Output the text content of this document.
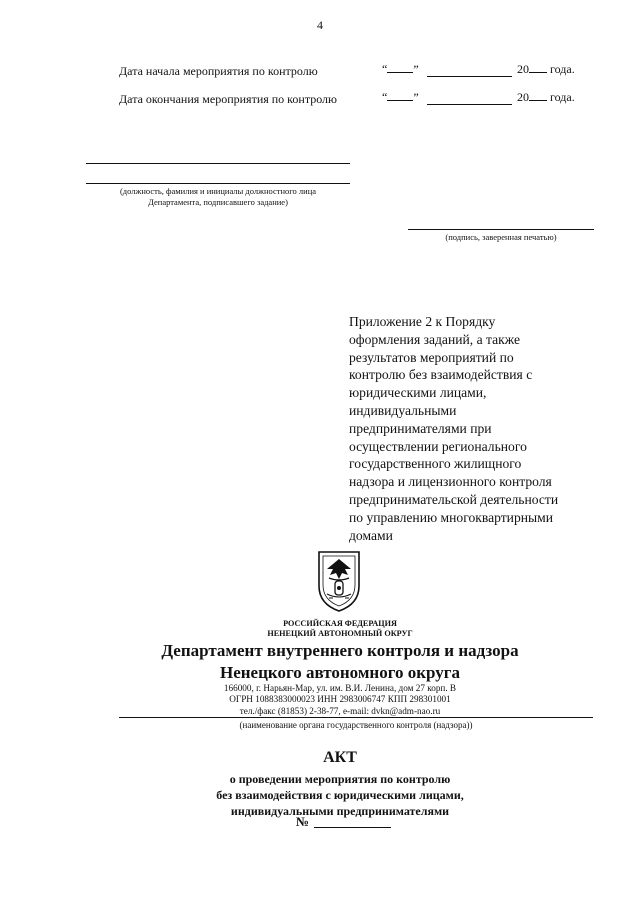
4
Дата начала мероприятия по контролю	“ ”	20 года.
Дата окончания мероприятия по контролю	“ ”	20 года.
(должность, фамилия и инициалы должностного лица
Департамента, подписавшего задание)
(подпись, заверенная печатью)
Приложение 2 к Порядку
оформления заданий, а также
результатов мероприятий по
контролю без взаимодействия с
юридическими лицами,
индивидуальными
предпринимателями при
осуществлении регионального
государственного жилищного
надзора и лицензионного контроля
предпринимательской деятельности
по управлению многоквартирными
домами
РОССИЙСКАЯ ФЕДЕРАЦИЯ
НЕНЕЦКИЙ АВТОНОМНЫЙ ОКРУГ
Департамент внутреннего контроля и надзора
Ненецкого автономного округа
166000, г. Нарьян-Мар, ул. им. В.И. Ленина, дом 27 корп. В
ОГРН 1088383000023 ИНН 2983006747 КПП 298301001
тел./факс (81853) 2-38-77, e-mail: dvkn@adm-nao.ru
(наименование органа государственного контроля (надзора))
АКТ
о проведении мероприятия по контролю
без взаимодействия с юридическими лицами,
индивидуальными предпринимателями
№
